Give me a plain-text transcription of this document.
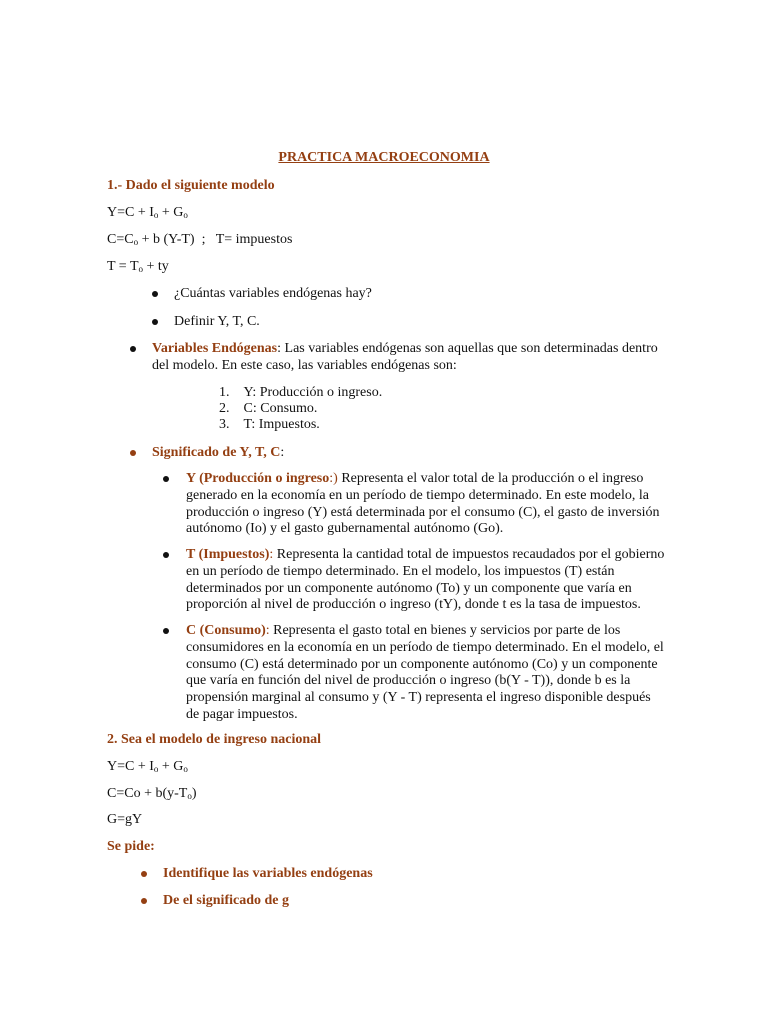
PRACTICA MACROECONOMIA
1.- Dado el siguiente modelo
$Y=C + I_o + G_o$
$C=C_o + b$ (Y-T)  ;   T= impuestos
$T = T_o$ + ty
¿Cuántas variables endógenas hay?
Definir Y, T, C.
Variables Endógenas: Las variables endógenas son aquellas que son determinadas dentro del modelo. En este caso, las variables endógenas son:
1. Y: Producción o ingreso.
2. C: Consumo.
3. T: Impuestos.
Significado de Y, T, C:
Y (Producción o ingreso:) Representa el valor total de la producción o el ingreso generado en la economía en un período de tiempo determinado. En este modelo, la producción o ingreso (Y) está determinada por el consumo (C), el gasto de inversión autónomo (Io) y el gasto gubernamental autónomo (Go).
T (Impuestos): Representa la cantidad total de impuestos recaudados por el gobierno en un período de tiempo determinado. En el modelo, los impuestos (T) están determinados por un componente autónomo (To) y un componente que varía en proporción al nivel de producción o ingreso (tY), donde t es la tasa de impuestos.
C (Consumo): Representa el gasto total en bienes y servicios por parte de los consumidores en la economía en un período de tiempo determinado. En el modelo, el consumo (C) está determinado por un componente autónomo (Co) y un componente que varía en función del nivel de producción o ingreso (b(Y - T)), donde b es la propensión marginal al consumo y (Y - T) representa el ingreso disponible después de pagar impuestos.
2. Sea el modelo de ingreso nacional
$Y=C + I_o + G_o$
$C=Co + b(y-T_o)$
G=gY
Se pide:
Identifique las variables endógenas
De el significado de g
